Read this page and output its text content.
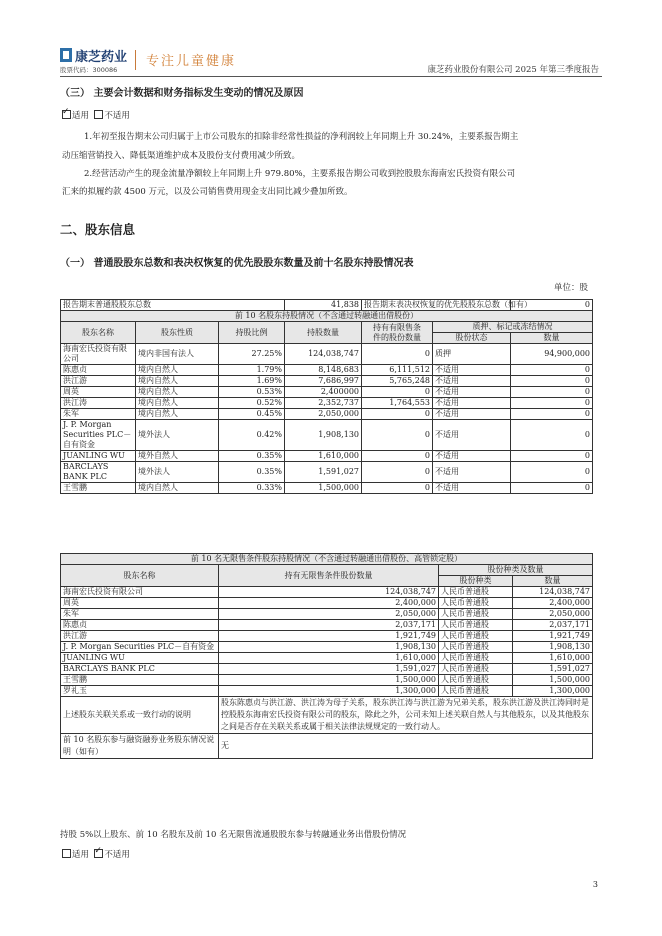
康芝药业
股票代码：300086
专注儿童健康
康芝药业股份有限公司 2025 年第三季度报告
（三） 主要会计数据和财务指标发生变动的情况及原因
✓适用 不适用
1.年初至报告期末公司归属于上市公司股东的扣除非经常性损益的净利润较上年同期上升 30.24%，主要系报告期主
动压缩营销投入、降低渠道维护成本及股份支付费用减少所致。
2.经营活动产生的现金流量净额较上年同期上升 979.80%，主要系报告期公司收到控股股东海南宏氏投资有限公司
汇来的拟履约款 4500 万元，以及公司销售费用现金支出同比减少叠加所致。
二、股东信息
（一） 普通股股东总数和表决权恢复的优先股股东数量及前十名股东持股情况表
单位：股
报告期末普通股股东总数			41,838	报告期末表决权恢复的优先股股东总数（如有）		0
前 10 名股东持股情况（不含通过转融通出借股份）						
股东名称	股东性质	持股比例	持股数量	持有有限售条
件的股份数量	质押、标记或冻结情况	
					股份状态	数量
海南宏氏投资有限公司	境内非国有法人	27.25%	124,038,747	0	质押	94,900,000
陈惠贞	境内自然人	1.79%	8,148,683	6,111,512	不适用	0
洪江游	境内自然人	1.69%	7,686,997	5,765,248	不适用	0
周英	境内自然人	0.53%	2,400000	0	不适用	0
洪江涛	境内自然人	0.52%	2,352,737	1,764,553	不适用	0
朱军	境内自然人	0.45%	2,050,000	0	不适用	0
J. P. Morgan Securities PLC－自有资金	境外法人	0.42%	1,908,130	0	不适用	0
JUANLING WU	境外自然人	0.35%	1,610,000	0	不适用	0
BARCLAYS BANK PLC	境外法人	0.35%	1,591,027	0	不适用	0
王雪鹏	境内自然人	0.33%	1,500,000	0	不适用	0
前 10 名无限售条件股东持股情况（不含通过转融通出借股份、高管锁定股）			
股东名称	持有无限售条件股份数量	股份种类及数量	
		股份种类	数量
海南宏氏投资有限公司	124,038,747	人民币普通股	124,038,747
周英	2,400,000	人民币普通股	2,400,000
朱军	2,050,000	人民币普通股	2,050,000
陈惠贞	2,037,171	人民币普通股	2,037,171
洪江游	1,921,749	人民币普通股	1,921,749
J. P. Morgan Securities PLC－自有资金	1,908,130	人民币普通股	1,908,130
JUANLING WU	1,610,000	人民币普通股	1,610,000
BARCLAYS BANK PLC	1,591,027	人民币普通股	1,591,027
王雪鹏	1,500,000	人民币普通股	1,500,000
罗礼玉	1,300,000	人民币普通股	1,300,000
上述股东关联关系或一致行动的说明	股东陈惠贞与洪江游、洪江涛为母子关系，股东洪江涛与洪江游为兄弟关系，股东洪江游及洪江涛同时是控股股东海南宏氏投资有限公司的股东，除此之外，公司未知上述关联自然人与其他股东，以及其他股东之间是否存在关联关系或属于相关法律法规规定的一致行动人。		
前 10 名股东参与融资融券业务股东情况说明（如有）	无		
持股 5%以上股东、前 10 名股东及前 10 名无限售流通股股东参与转融通业务出借股份情况
适用 ✓ 不适用
3
